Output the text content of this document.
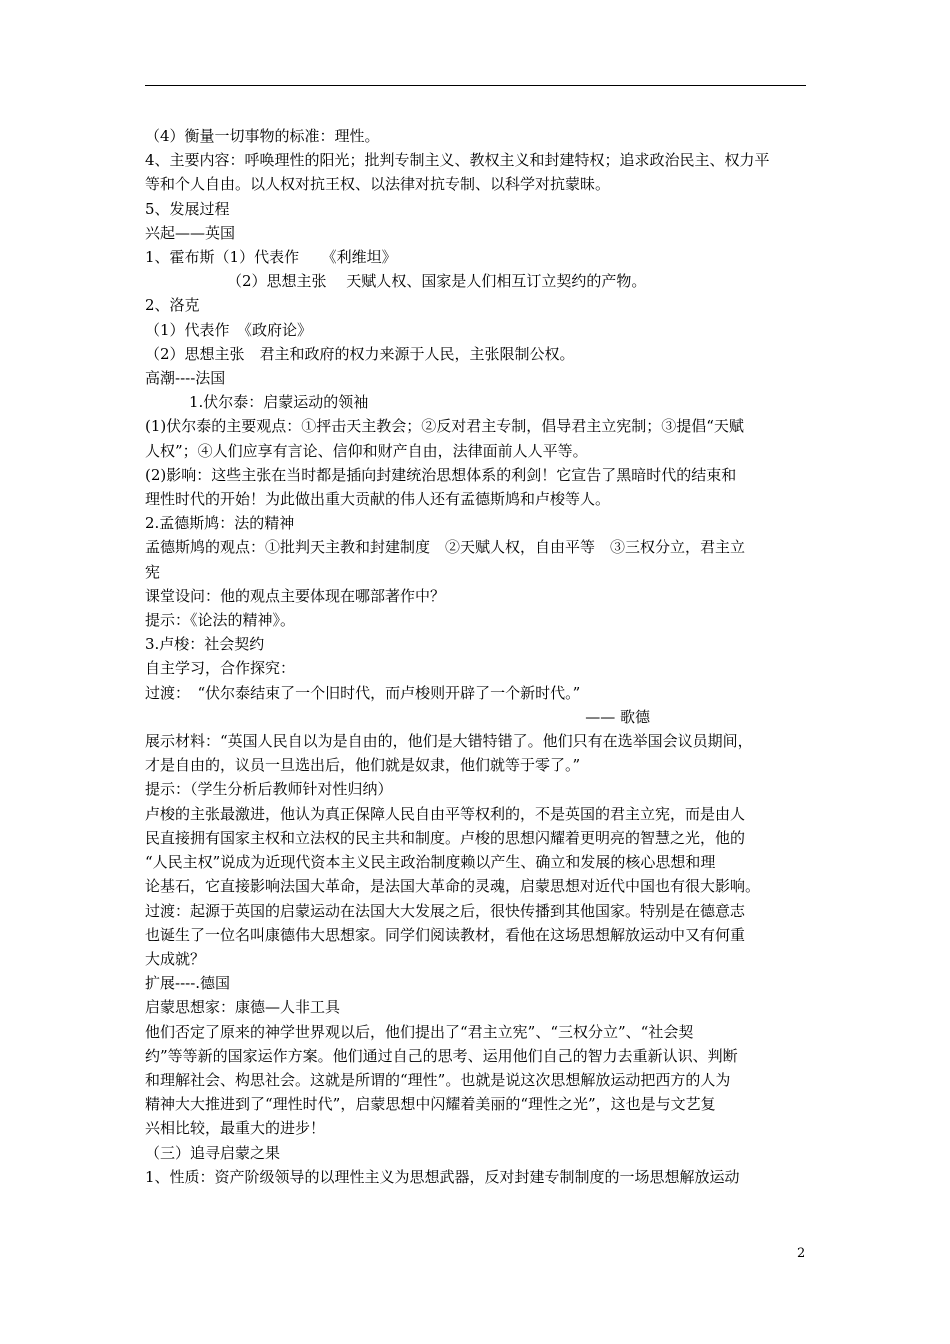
（4）衡量一切事物的标准：理性。
4、主要内容：呼唤理性的阳光；批判专制主义、教权主义和封建特权；追求政治民主、权力平
等和个人自由。以人权对抗王权、以法律对抗专制、以科学对抗蒙昧。
5、发展过程
兴起——英国
1、霍布斯（1）代表作　　《利维坦》
（2）思想主张　 天赋人权、国家是人们相互订立契约的产物。
2、洛克
（1）代表作　《政府论》
（2）思想主张　君主和政府的权力来源于人民，主张限制公权。
高潮----法国
1.伏尔泰：启蒙运动的领袖
(1)伏尔泰的主要观点：①抨击天主教会；②反对君主专制，倡导君主立宪制；③提倡“天赋
人权”；④人们应享有言论、信仰和财产自由，法律面前人人平等。
(2)影响：这些主张在当时都是插向封建统治思想体系的利剑！它宣告了黑暗时代的结束和
理性时代的开始！为此做出重大贡献的伟人还有孟德斯鸠和卢梭等人。
2.孟德斯鸠：法的精神
孟德斯鸠的观点：①批判天主教和封建制度　②天赋人权，自由平等　③三权分立，君主立
宪
课堂设问：他的观点主要体现在哪部著作中？
提示：《论法的精神》。
3.卢梭：社会契约
自主学习，合作探究：
过渡：　“伏尔泰结束了一个旧时代，而卢梭则开辟了一个新时代。”
—— 歌德
展示材料：“英国人民自以为是自由的，他们是大错特错了。他们只有在选举国会议员期间，
才是自由的，议员一旦选出后，他们就是奴隶，他们就等于零了。”
提示：（学生分析后教师针对性归纳）
卢梭的主张最激进，他认为真正保障人民自由平等权利的，不是英国的君主立宪，而是由人
民直接拥有国家主权和立法权的民主共和制度。卢梭的思想闪耀着更明亮的智慧之光，他的
“人民主权”说成为近现代资本主义民主政治制度赖以产生、确立和发展的核心思想和理
论基石，它直接影响法国大革命，是法国大革命的灵魂，启蒙思想对近代中国也有很大影响。
过渡：起源于英国的启蒙运动在法国大大发展之后，很快传播到其他国家。特别是在德意志
也诞生了一位名叫康德伟大思想家。同学们阅读教材，看他在这场思想解放运动中又有何重
大成就？
扩展----.德国
启蒙思想家：康德—人非工具
他们否定了原来的神学世界观以后，他们提出了“君主立宪”、“三权分立”、“社会契
约”等等新的国家运作方案。他们通过自己的思考、运用他们自己的智力去重新认识、判断
和理解社会、构思社会。这就是所谓的“理性”。也就是说这次思想解放运动把西方的人为
精神大大推进到了“理性时代”，启蒙思想中闪耀着美丽的“理性之光”，这也是与文艺复
兴相比较，最重大的进步！
（三）追寻启蒙之果
1、性质：资产阶级领导的以理性主义为思想武器，反对封建专制制度的一场思想解放运动
2
